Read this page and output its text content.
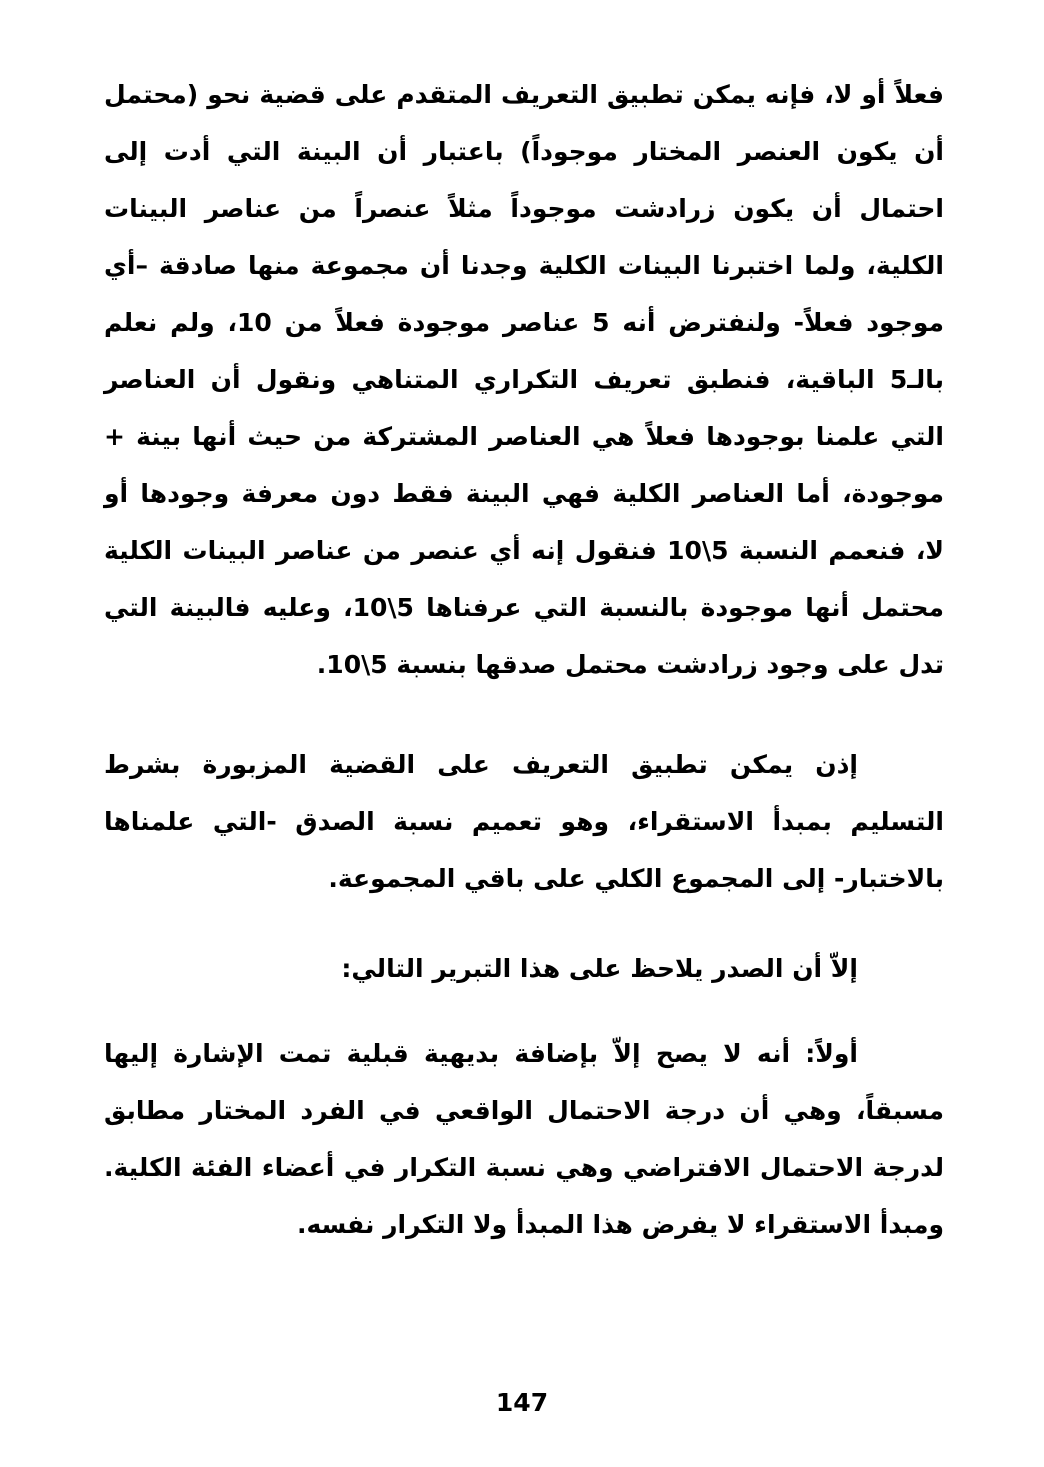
فعلاً أو لا، فإنه يمكن تطبيق التعريف المتقدم على قضية نحو (محتمل أن يكون العنصر المختار موجوداً) باعتبار أن البينة التي أدت إلى احتمال أن يكون زرادشت موجوداً مثلاً عنصراً من عناصر البينات الكلية، ولما اختبرنا البينات الكلية وجدنا أن مجموعة منها صادقة –أي موجود فعلاً- ولنفترض أنه 5 عناصر موجودة فعلاً من 10، ولم نعلم بالـ5 الباقية، فنطبق تعريف التكراري المتناهي ونقول أن العناصر التي علمنا بوجودها فعلاً هي العناصر المشتركة من حيث أنها بينة + موجودة، أما العناصر الكلية فهي البينة فقط دون معرفة وجودها أو لا، فنعمم النسبة 5\10 فنقول إنه أي عنصر من عناصر البينات الكلية محتمل أنها موجودة بالنسبة التي عرفناها 5\10، وعليه فالبينة التي تدل على وجود زرادشت محتمل صدقها بنسبة 5\10.

إذن يمكن تطبيق التعريف على القضية المزبورة بشرط التسليم بمبدأ الاستقراء، وهو تعميم نسبة الصدق -التي علمناها بالاختبار- إلى المجموع الكلي على باقي المجموعة.

إلاّ أن الصدر يلاحظ على هذا التبرير التالي:

أولاً: أنه لا يصح إلاّ بإضافة بديهية قبلية تمت الإشارة إليها مسبقاً، وهي أن درجة الاحتمال الواقعي في الفرد المختار مطابق لدرجة الاحتمال الافتراضي وهي نسبة التكرار في أعضاء الفئة الكلية. ومبدأ الاستقراء لا يفرض هذا المبدأ ولا التكرار نفسه.

147
